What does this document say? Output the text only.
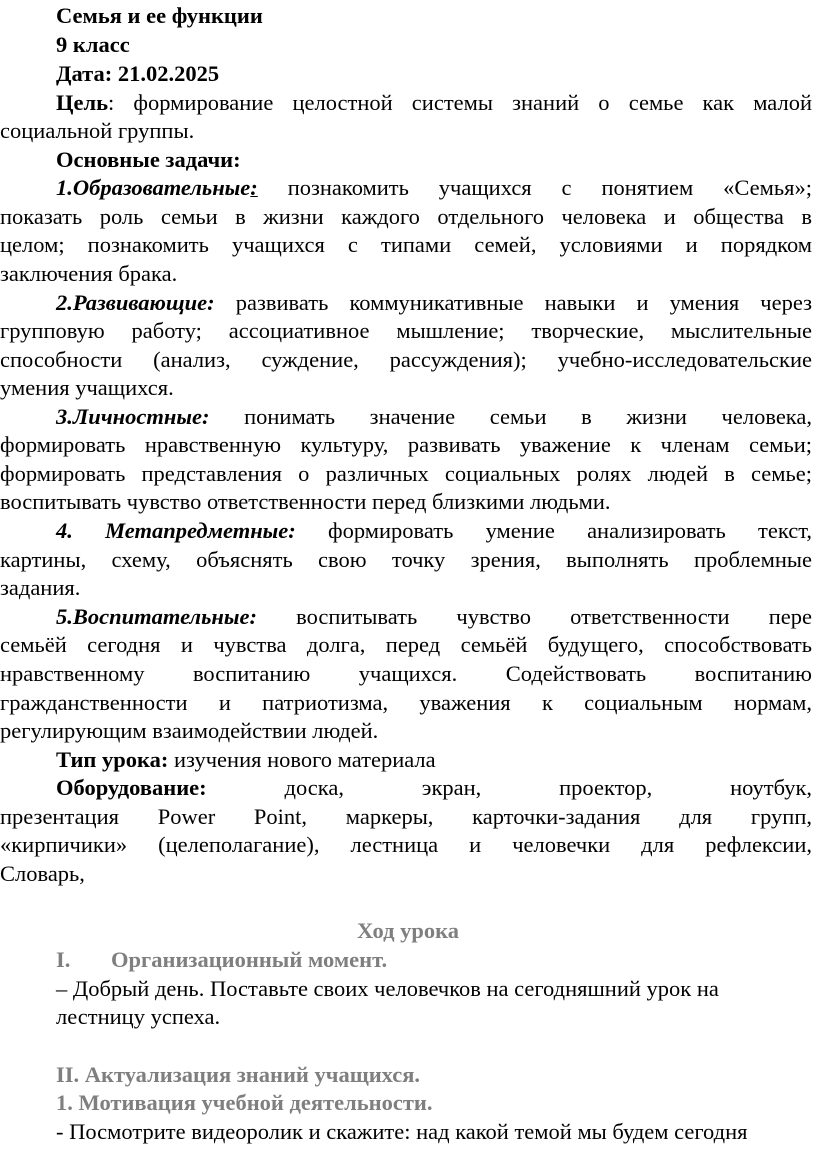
Семья и ее функции
9 класс
Дата: 21.02.2025
Цель: формирование целостной системы знаний о семье как малой
социальной группы.
Основные задачи:
1.Образовательные: познакомить учащихся с понятием «Семья»;
показать роль семьи в жизни каждого отдельного человека и общества в
целом; познакомить учащихся с типами семей, условиями и порядком
заключения брака.
2.Развивающие: развивать коммуникативные навыки и умения через
групповую работу; ассоциативное мышление; творческие, мыслительные
способности (анализ, суждение, рассуждения); учебно-исследовательские
умения учащихся.
3.Личностные: понимать значение семьи в жизни человека,
формировать нравственную культуру, развивать уважение к членам семьи;
формировать представления о различных социальных ролях людей в семье;
воспитывать чувство ответственности перед близкими людьми.
4. Метапредметные: формировать умение анализировать текст,
картины, схему, объяснять свою точку зрения, выполнять проблемные
задания.
5.Воспитательные: воспитывать чувство ответственности пере
семьёй сегодня и чувства долга, перед семьёй будущего, способствовать
нравственному воспитанию учащихся. Содействовать воспитанию
гражданственности и патриотизма, уважения к социальным нормам,
регулирующим взаимодействии людей.
Тип урока: изучения нового материала
Оборудование:	доска, экран, проектор, ноутбук,
презентация Power Point, маркеры, карточки-задания для групп,
«кирпичики» (целеполагание), лестница и человечки для рефлексии,
Словарь,
Ход урока
I. Организационный момент.
– Добрый день. Поставьте своих человечков на сегодняшний урок на
лестницу успеха.
II. Актуализация знаний учащихся.
1. Мотивация учебной деятельности.
- Посмотрите видеоролик и скажите: над какой темой мы будем сегодня
